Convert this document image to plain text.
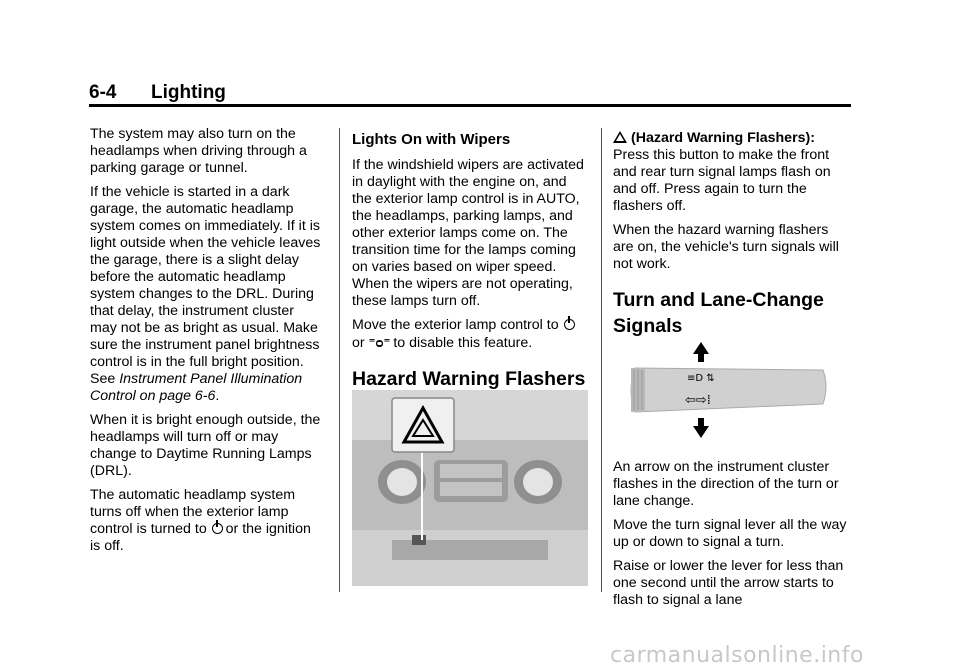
6-4 Lighting

The system may also turn on the headlamps when driving through a parking garage or tunnel.

If the vehicle is started in a dark garage, the automatic headlamp system comes on immediately. If it is light outside when the vehicle leaves the garage, there is a slight delay before the automatic headlamp system changes to the DRL. During that delay, the instrument cluster may not be as bright as usual. Make sure the instrument panel brightness control is in the full bright position. See Instrument Panel Illumination Control on page 6-6.

When it is bright enough outside, the headlamps will turn off or may change to Daytime Running Lamps (DRL).

The automatic headlamp system turns off when the exterior lamp control is turned to or the ignition is off.

Lights On with Wipers

If the windshield wipers are activated in daylight with the engine on, and the exterior lamp control is in AUTO, the headlamps, parking lamps, and other exterior lamps come on. The transition time for the lamps coming on varies based on wiper speed. When the wipers are not operating, these lamps turn off.

Move the exterior lamp control to
or ⁼ᴑ⁼ to disable this feature.

Hazard Warning Flashers

(Hazard Warning Flashers):
Press this button to make the front and rear turn signal lamps flash on and off. Press again to turn the flashers off.

When the hazard warning flashers are on, the vehicle's turn signals will not work.

Turn and Lane-Change Signals

An arrow on the instrument cluster flashes in the direction of the turn or lane change.

Move the turn signal lever all the way up or down to signal a turn.

Raise or lower the lever for less than one second until the arrow starts to flash to signal a lane

≡D ⇅
⇦⇨⁞
carmanualsonline.info
